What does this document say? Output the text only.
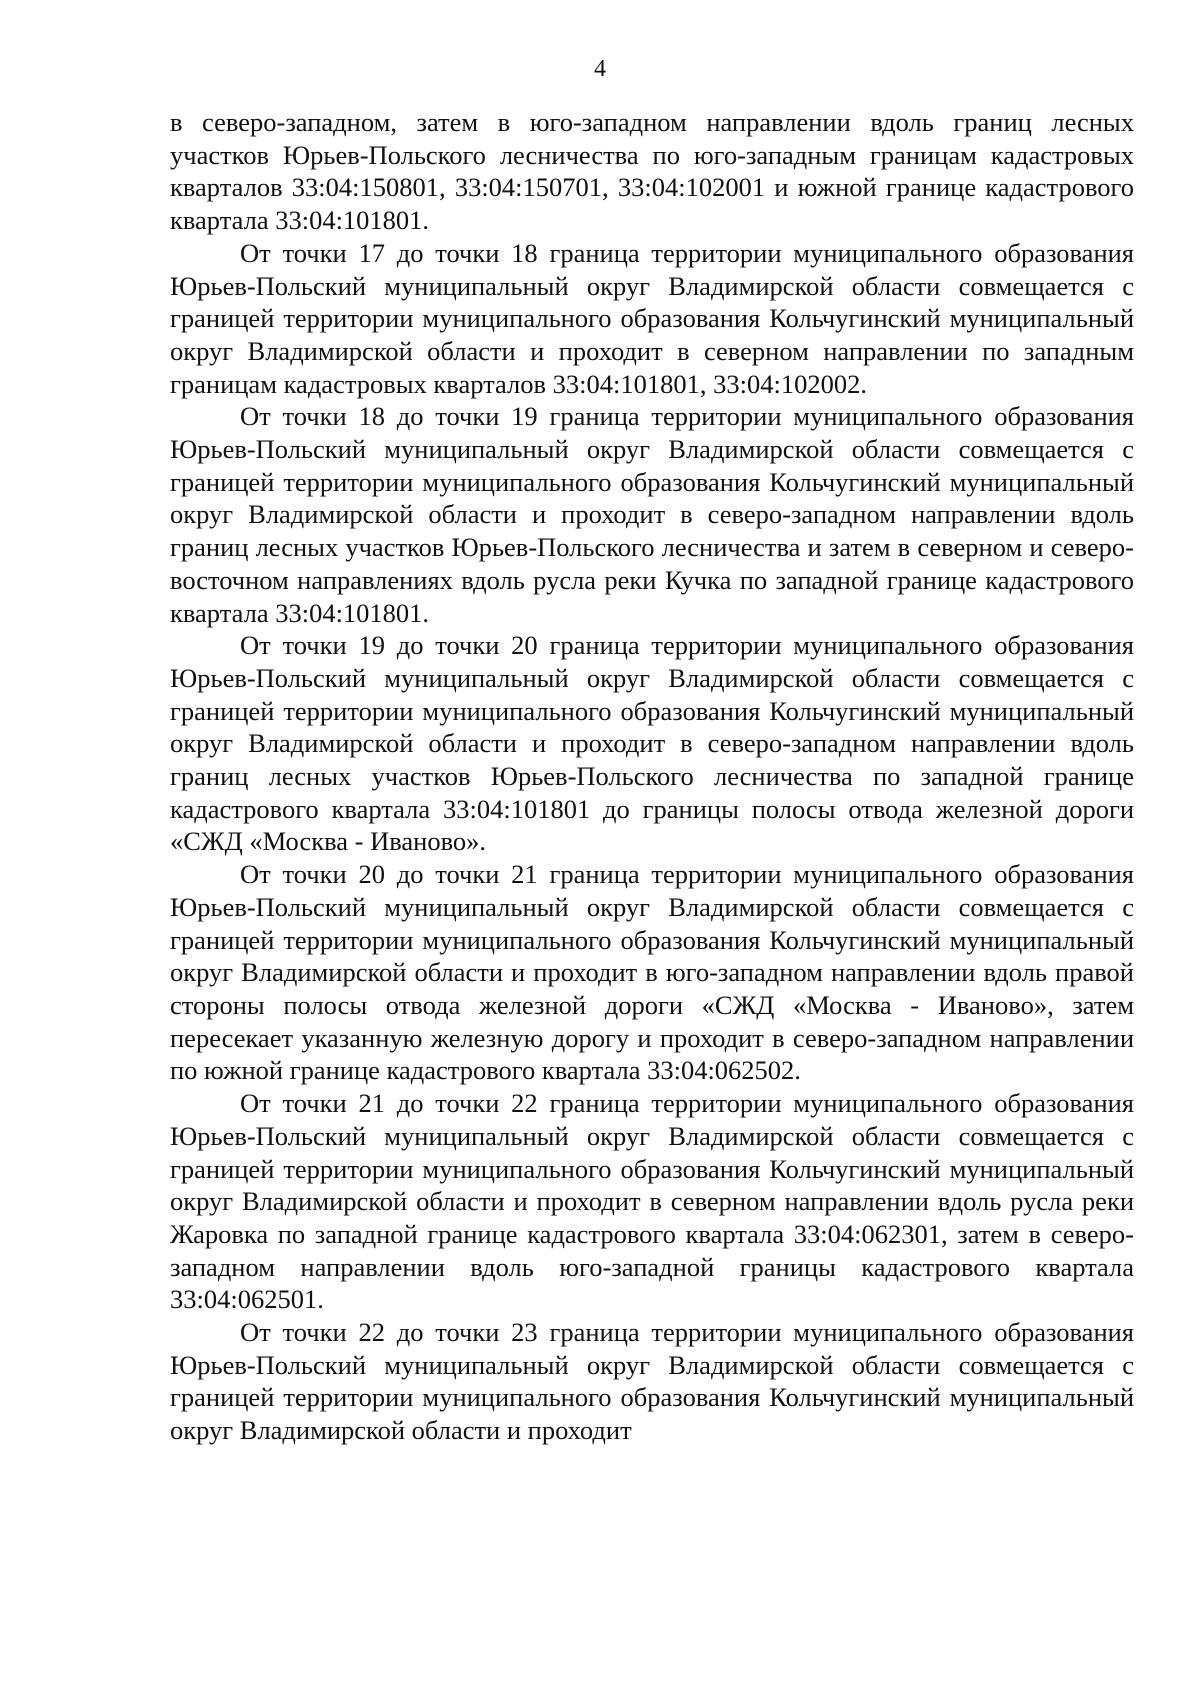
4

в северо-западном, затем в юго-западном направлении вдоль границ лесных участков Юрьев-Польского лесничества по юго-западным границам кадастровых кварталов 33:04:150801, 33:04:150701, 33:04:102001 и южной границе кадастрового квартала 33:04:101801.

От точки 17 до точки 18 граница территории муниципального образования Юрьев-Польский муниципальный округ Владимирской области совмещается с границей территории муниципального образования Кольчугинский муниципальный округ Владимирской области и проходит в северном направлении по западным границам кадастровых кварталов 33:04:101801, 33:04:102002.

От точки 18 до точки 19 граница территории муниципального образования Юрьев-Польский муниципальный округ Владимирской области совмещается с границей территории муниципального образования Кольчугинский муниципальный округ Владимирской области и проходит в северо-западном направлении вдоль границ лесных участков Юрьев-Польского лесничества и затем в северном и северо-восточном направлениях вдоль русла реки Кучка по западной границе кадастрового квартала 33:04:101801.

От точки 19 до точки 20 граница территории муниципального образования Юрьев-Польский муниципальный округ Владимирской области совмещается с границей территории муниципального образования Кольчугинский муниципальный округ Владимирской области и проходит в северо-западном направлении вдоль границ лесных участков Юрьев-Польского лесничества по западной границе кадастрового квартала 33:04:101801 до границы полосы отвода железной дороги «СЖД «Москва - Иваново».

От точки 20 до точки 21 граница территории муниципального образования Юрьев-Польский муниципальный округ Владимирской области совмещается с границей территории муниципального образования Кольчугинский муниципальный округ Владимирской области и проходит в юго-западном направлении вдоль правой стороны полосы отвода железной дороги «СЖД «Москва - Иваново», затем пересекает указанную железную дорогу и проходит в северо-западном направлении по южной границе кадастрового квартала 33:04:062502.

От точки 21 до точки 22 граница территории муниципального образования Юрьев-Польский муниципальный округ Владимирской области совмещается с границей территории муниципального образования Кольчугинский муниципальный округ Владимирской области и проходит в северном направлении вдоль русла реки Жаровка по западной границе кадастрового квартала 33:04:062301, затем в северо-западном направлении вдоль юго-западной границы кадастрового квартала 33:04:062501.

От точки 22 до точки 23 граница территории муниципального образования Юрьев-Польский муниципальный округ Владимирской области совмещается с границей территории муниципального образования Кольчугинский муниципальный округ Владимирской области и проходит
